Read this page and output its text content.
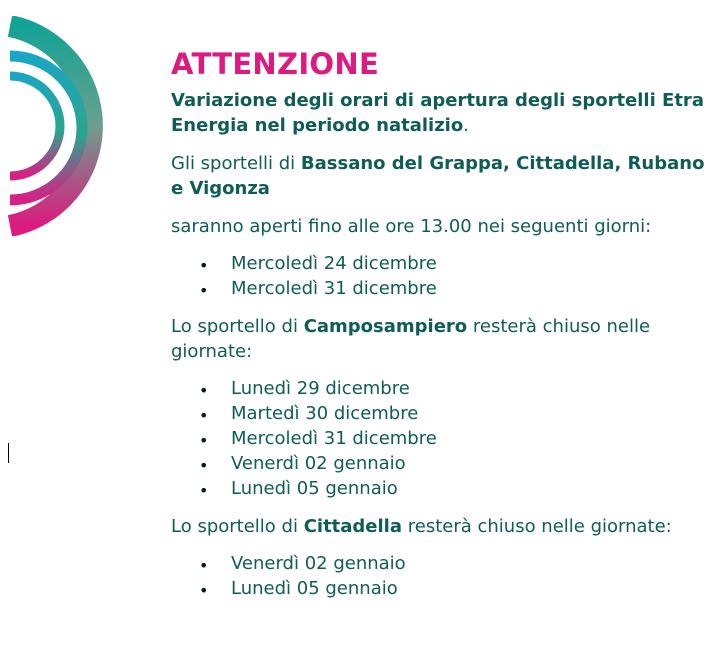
ATTENZIONE

Variazione degli orari di apertura degli sportelli Etra Energia nel periodo natalizio.

Gli sportelli di Bassano del Grappa, Cittadella, Rubano e Vigonza

saranno aperti fino alle ore 13.00 nei seguenti giorni:

• Mercoledì 24 dicembre
• Mercoledì 31 dicembre

Lo sportello di Camposampiero resterà chiuso nelle giornate:

• Lunedì 29 dicembre
• Martedì 30 dicembre
• Mercoledì 31 dicembre
• Venerdì 02 gennaio
• Lunedì 05 gennaio

Lo sportello di Cittadella resterà chiuso nelle giornate:

• Venerdì 02 gennaio
• Lunedì 05 gennaio
